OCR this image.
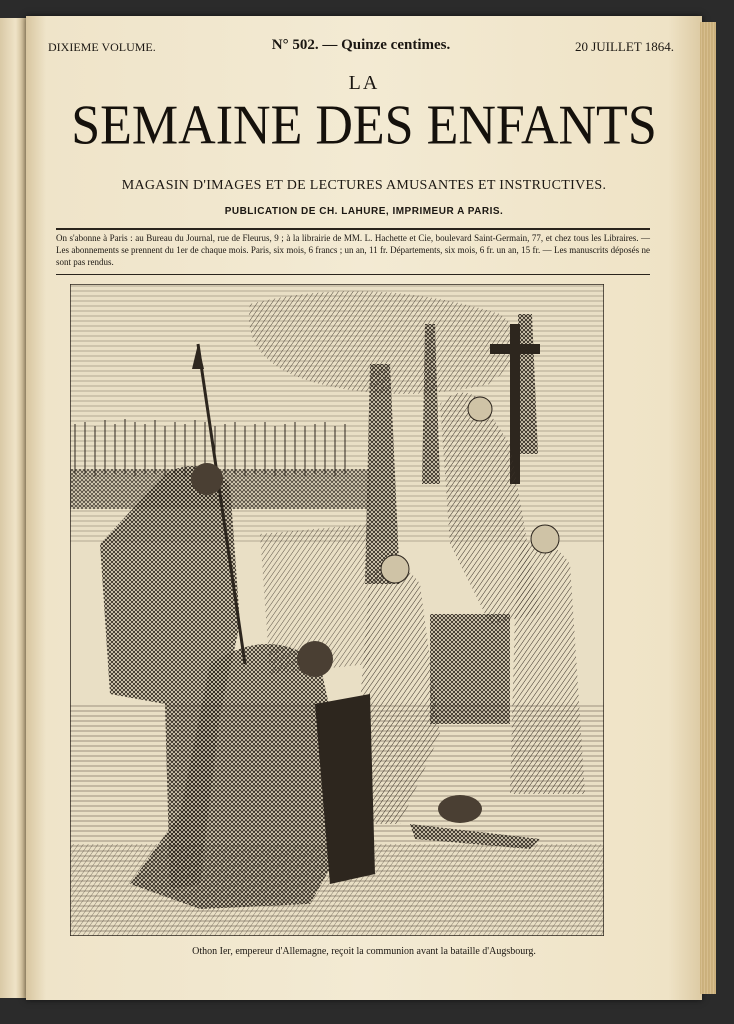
DIXIEME VOLUME.	N° 502. — Quinze centimes.	20 JUILLET 1864.
LA
SEMAINE DES ENFANTS
MAGASIN D'IMAGES ET DE LECTURES AMUSANTES ET INSTRUCTIVES.
PUBLICATION DE CH. LAHURE, IMPRIMEUR A PARIS.
On s'abonne à Paris : au Bureau du Journal, rue de Fleurus, 9 ; à la librairie de MM. L. Hachette et Cie, boulevard Saint-Germain, 77, et chez tous les Libraires. — Les abonnements se prennent du 1er de chaque mois. Paris, six mois, 6 francs ; un an, 11 fr. Départements, six mois, 6 fr. un an, 15 fr. — Les manuscrits déposés ne sont pas rendus.
Othon Ier, empereur d'Allemagne, reçoit la communion avant la bataille d'Augsbourg.
